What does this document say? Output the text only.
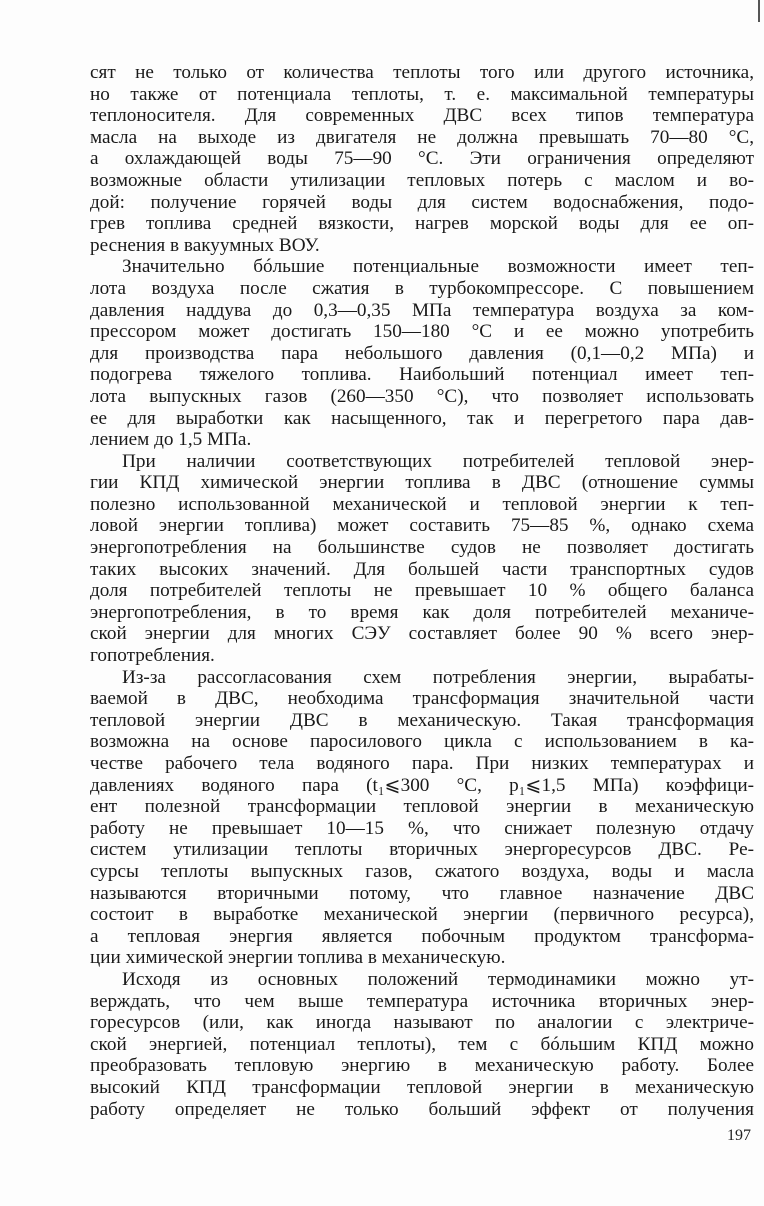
сят не только от количества теплоты того или другого источника,
но также от потенциала теплоты, т. е. максимальной температуры
теплоносителя. Для современных ДВС всех типов температура
масла на выходе из двигателя не должна превышать 70—80 °С,
а охлаждающей воды 75—90 °С. Эти ограничения определяют
возможные области утилизации тепловых потерь с маслом и во-
дой: получение горячей воды для систем водоснабжения, подо-
грев топлива средней вязкости, нагрев морской воды для ее оп-
реснения в вакуумных ВОУ.
Значительно бóльшие потенциальные возможности имеет теп-
лота воздуха после сжатия в турбокомпрессоре. С повышением
давления наддува до 0,3—0,35 МПа температура воздуха за ком-
прессором может достигать 150—180 °С и ее можно употребить
для производства пара небольшого давления (0,1—0,2 МПа) и
подогрева тяжелого топлива. Наибольший потенциал имеет теп-
лота выпускных газов (260—350 °С), что позволяет использовать
ее для выработки как насыщенного, так и перегретого пара дав-
лением до 1,5 МПа.
При наличии соответствующих потребителей тепловой энер-
гии КПД химической энергии топлива в ДВС (отношение суммы
полезно использованной механической и тепловой энергии к теп-
ловой энергии топлива) может составить 75—85 %, однако схема
энергопотребления на большинстве судов не позволяет достигать
таких высоких значений. Для большей части транспортных судов
доля потребителей теплоты не превышает 10 % общего баланса
энергопотребления, в то время как доля потребителей механиче-
ской энергии для многих СЭУ составляет более 90 % всего энер-
гопотребления.
Из-за рассогласования схем потребления энергии, вырабаты-
ваемой в ДВС, необходима трансформация значительной части
тепловой энергии ДВС в механическую. Такая трансформация
возможна на основе паросилового цикла с использованием в ка-
честве рабочего тела водяного пара. При низких температурах и
давлениях водяного пара (t₁⩽300 °С, p₁⩽1,5 МПа) коэффици-
ент полезной трансформации тепловой энергии в механическую
работу не превышает 10—15 %, что снижает полезную отдачу
систем утилизации теплоты вторичных энергоресурсов ДВС. Ре-
сурсы теплоты выпускных газов, сжатого воздуха, воды и масла
называются вторичными потому, что главное назначение ДВС
состоит в выработке механической энергии (первичного ресурса),
а тепловая энергия является побочным продуктом трансформа-
ции химической энергии топлива в механическую.
Исходя из основных положений термодинамики можно ут-
верждать, что чем выше температура источника вторичных энер-
горесурсов (или, как иногда называют по аналогии с электриче-
ской энергией, потенциал теплоты), тем с бóльшим КПД можно
преобразовать тепловую энергию в механическую работу. Более
высокий КПД трансформации тепловой энергии в механическую
работу определяет не только больший эффект от получения
197
